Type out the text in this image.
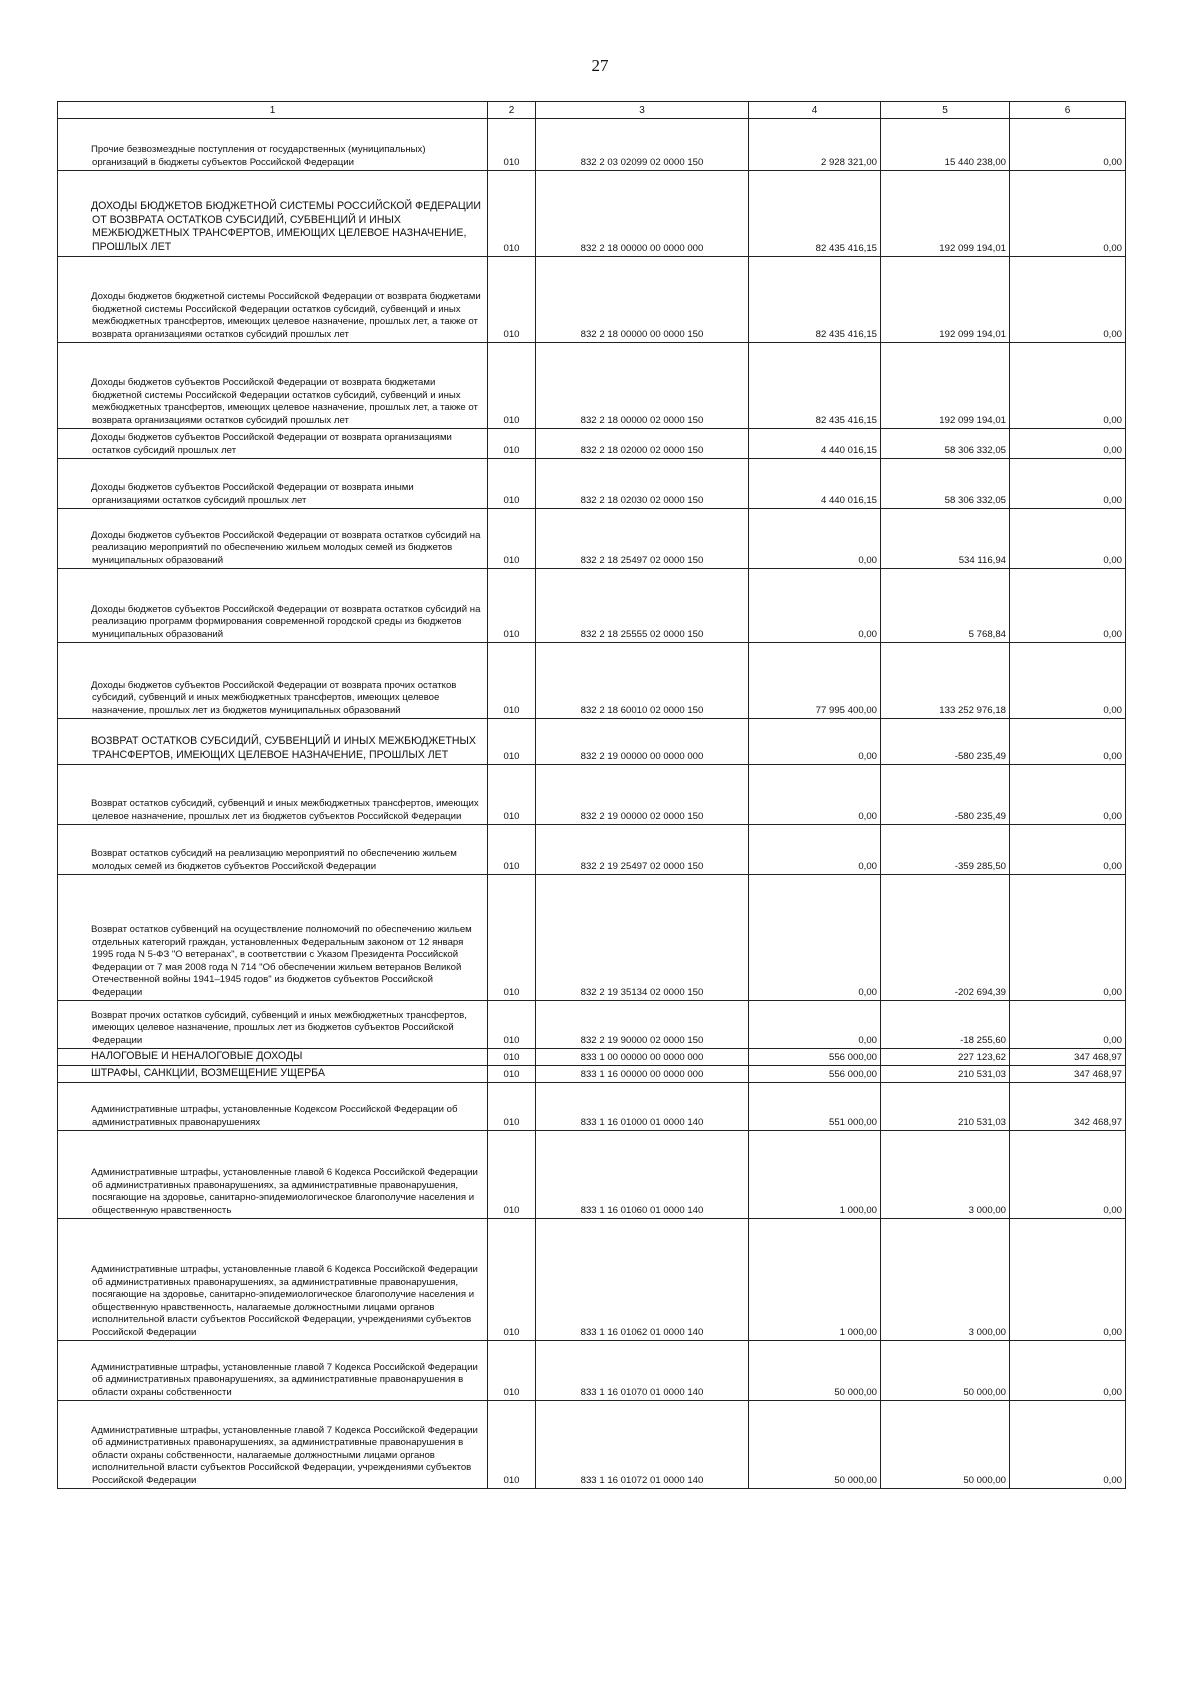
27
1	2	3	4	5	6
Прочие безвозмездные поступления от государственных (муниципальных) организаций в бюджеты субъектов Российской Федерации	010	832 2 03 02099 02 0000 150	2 928 321,00	15 440 238,00	0,00
ДОХОДЫ БЮДЖЕТОВ БЮДЖЕТНОЙ СИСТЕМЫ РОССИЙСКОЙ ФЕДЕРАЦИИ ОТ ВОЗВРАТА ОСТАТКОВ СУБСИДИЙ, СУБВЕНЦИЙ И ИНЫХ МЕЖБЮДЖЕТНЫХ ТРАНСФЕРТОВ, ИМЕЮЩИХ ЦЕЛЕВОЕ НАЗНАЧЕНИЕ, ПРОШЛЫХ ЛЕТ	010	832 2 18 00000 00 0000 000	82 435 416,15	192 099 194,01	0,00
Доходы бюджетов бюджетной системы Российской Федерации от возврата бюджетами бюджетной системы Российской Федерации остатков субсидий, субвенций и иных межбюджетных трансфертов, имеющих целевое назначение, прошлых лет, а также от возврата организациями остатков субсидий прошлых лет	010	832 2 18 00000 00 0000 150	82 435 416,15	192 099 194,01	0,00
Доходы бюджетов субъектов Российской Федерации от возврата бюджетами бюджетной системы Российской Федерации остатков субсидий, субвенций и иных межбюджетных трансфертов, имеющих целевое назначение, прошлых лет, а также от возврата организациями остатков субсидий прошлых лет	010	832 2 18 00000 02 0000 150	82 435 416,15	192 099 194,01	0,00
Доходы бюджетов субъектов Российской Федерации от возврата организациями остатков субсидий прошлых лет	010	832 2 18 02000 02 0000 150	4 440 016,15	58 306 332,05	0,00
Доходы бюджетов субъектов Российской Федерации от возврата иными организациями остатков субсидий прошлых лет	010	832 2 18 02030 02 0000 150	4 440 016,15	58 306 332,05	0,00
Доходы бюджетов субъектов Российской Федерации от возврата остатков субсидий на реализацию мероприятий по обеспечению жильем молодых семей из бюджетов муниципальных образований	010	832 2 18 25497 02 0000 150	0,00	534 116,94	0,00
Доходы бюджетов субъектов Российской Федерации от возврата остатков субсидий на реализацию программ формирования современной городской среды из бюджетов муниципальных образований	010	832 2 18 25555 02 0000 150	0,00	5 768,84	0,00
Доходы бюджетов субъектов Российской Федерации от возврата прочих остатков субсидий, субвенций и иных межбюджетных трансфертов, имеющих целевое назначение, прошлых лет из бюджетов муниципальных образований	010	832 2 18 60010 02 0000 150	77 995 400,00	133 252 976,18	0,00
ВОЗВРАТ ОСТАТКОВ СУБСИДИЙ, СУБВЕНЦИЙ И ИНЫХ МЕЖБЮДЖЕТНЫХ ТРАНСФЕРТОВ, ИМЕЮЩИХ ЦЕЛЕВОЕ НАЗНАЧЕНИЕ, ПРОШЛЫХ ЛЕТ	010	832 2 19 00000 00 0000 000	0,00	-580 235,49	0,00
Возврат остатков субсидий, субвенций и иных межбюджетных трансфертов, имеющих целевое назначение, прошлых лет из бюджетов субъектов Российской Федерации	010	832 2 19 00000 02 0000 150	0,00	-580 235,49	0,00
Возврат остатков субсидий на реализацию мероприятий по обеспечению жильем молодых семей из бюджетов субъектов Российской Федерации	010	832 2 19 25497 02 0000 150	0,00	-359 285,50	0,00
Возврат остатков субвенций на осуществление полномочий по обеспечению жильем отдельных категорий граждан, установленных Федеральным законом от 12 января 1995 года N 5-ФЗ "О ветеранах", в соответствии с Указом Президента Российской Федерации от 7 мая 2008 года N 714 "Об обеспечении жильем ветеранов Великой Отечественной войны 1941–1945 годов" из бюджетов субъектов Российской Федерации	010	832 2 19 35134 02 0000 150	0,00	-202 694,39	0,00
Возврат прочих остатков субсидий, субвенций и иных межбюджетных трансфертов, имеющих целевое назначение, прошлых лет из бюджетов субъектов Российской Федерации	010	832 2 19 90000 02 0000 150	0,00	-18 255,60	0,00
НАЛОГОВЫЕ И НЕНАЛОГОВЫЕ ДОХОДЫ	010	833 1 00 00000 00 0000 000	556 000,00	227 123,62	347 468,97
ШТРАФЫ, САНКЦИИ, ВОЗМЕЩЕНИЕ УЩЕРБА	010	833 1 16 00000 00 0000 000	556 000,00	210 531,03	347 468,97
Административные штрафы, установленные Кодексом Российской Федерации об административных правонарушениях	010	833 1 16 01000 01 0000 140	551 000,00	210 531,03	342 468,97
Административные штрафы, установленные главой 6 Кодекса Российской Федерации об административных правонарушениях, за административные правонарушения, посягающие на здоровье, санитарно-эпидемиологическое благополучие населения и общественную нравственность	010	833 1 16 01060 01 0000 140	1 000,00	3 000,00	0,00
Административные штрафы, установленные главой 6 Кодекса Российской Федерации об административных правонарушениях, за административные правонарушения, посягающие на здоровье, санитарно-эпидемиологическое благополучие населения и общественную нравственность, налагаемые должностными лицами органов исполнительной власти субъектов Российской Федерации, учреждениями субъектов Российской Федерации	010	833 1 16 01062 01 0000 140	1 000,00	3 000,00	0,00
Административные штрафы, установленные главой 7 Кодекса Российской Федерации об административных правонарушениях, за административные правонарушения в области охраны собственности	010	833 1 16 01070 01 0000 140	50 000,00	50 000,00	0,00
Административные штрафы, установленные главой 7 Кодекса Российской Федерации об административных правонарушениях, за административные правонарушения в области охраны собственности, налагаемые должностными лицами органов исполнительной власти субъектов Российской Федерации, учреждениями субъектов Российской Федерации	010	833 1 16 01072 01 0000 140	50 000,00	50 000,00	0,00
